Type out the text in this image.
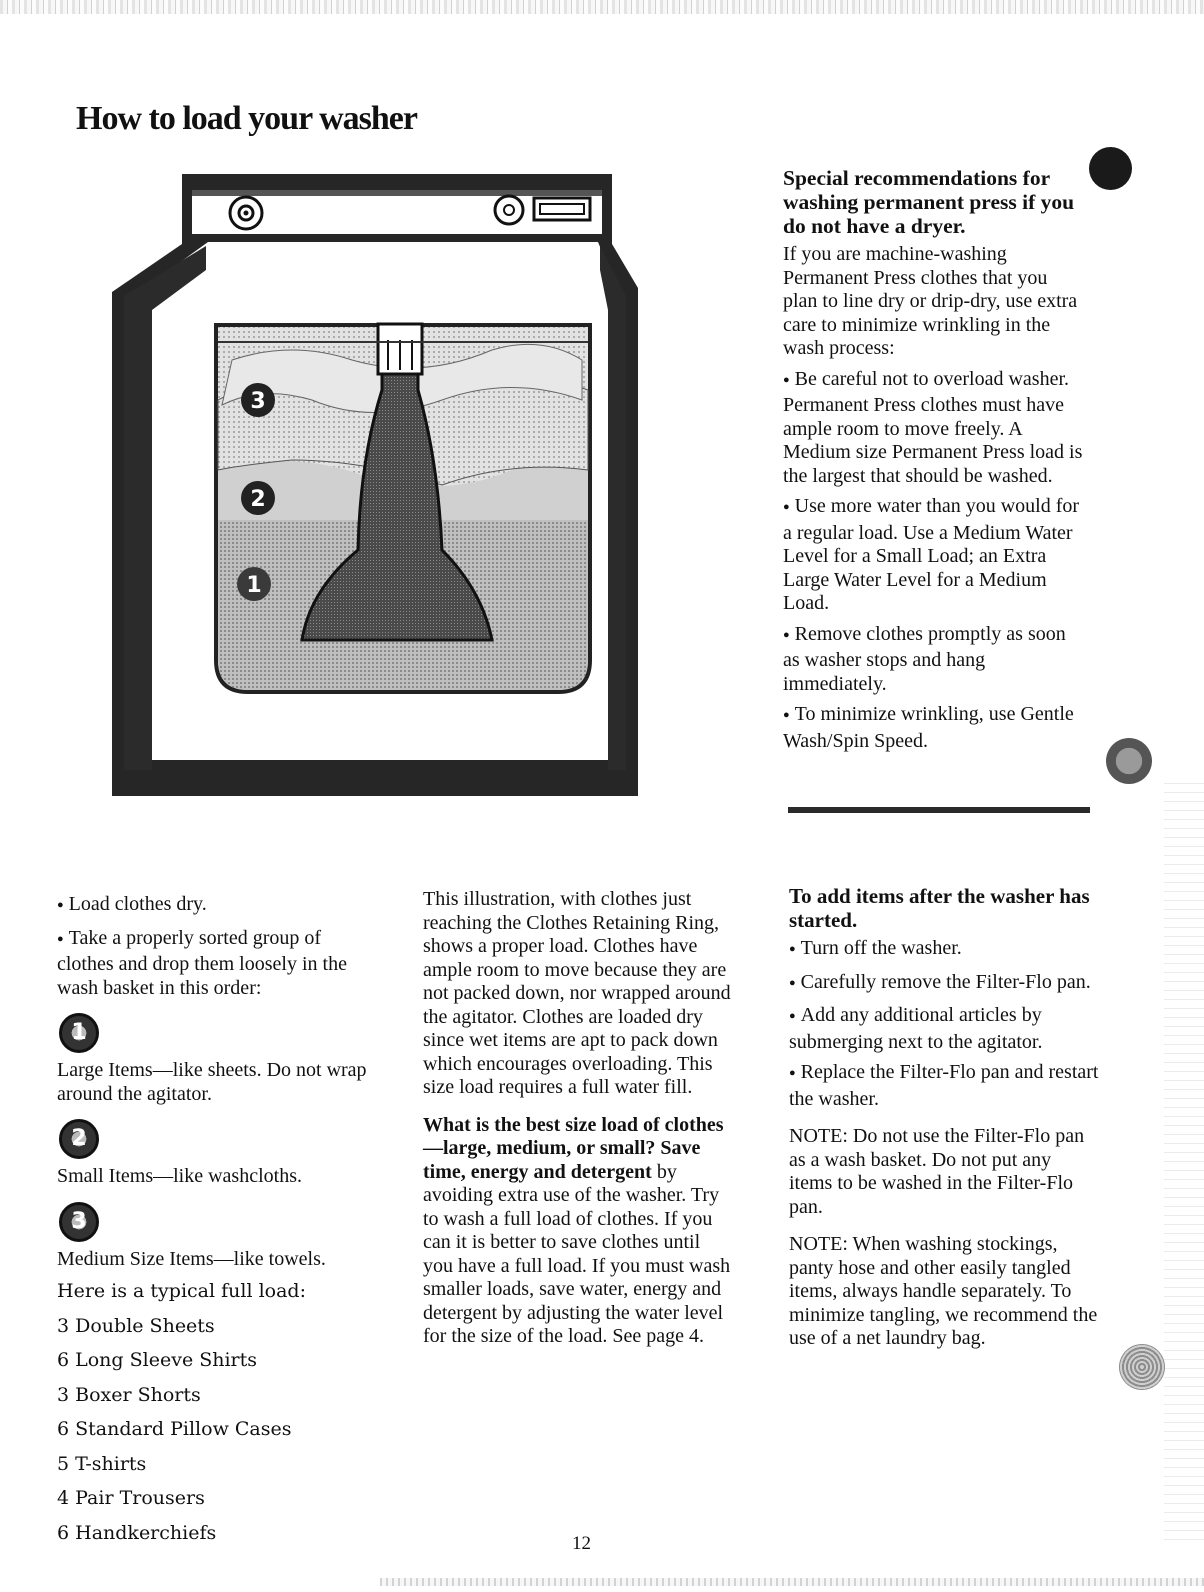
How to load your washer
3
2
1
Special recommendations for washing permanent press if you do not have a dryer.

If you are machine-washing Permanent Press clothes that you plan to line dry or drip-dry, use extra care to minimize wrinkling in the wash process:

● Be careful not to overload washer. Permanent Press clothes must have ample room to move freely. A Medium size Permanent Press load is the largest that should be washed.

● Use more water than you would for a regular load. Use a Medium Water Level for a Small Load; an Extra Large Water Level for a Medium Load.

● Remove clothes promptly as soon as washer stops and hang immediately.

● To minimize wrinkling, use Gentle Wash/Spin Speed.

● Load clothes dry.

● Take a properly sorted group of clothes and drop them loosely in the wash basket in this order:

1

Large Items—like sheets. Do not wrap around the agitator.

2

Small Items—like washcloths.

3

Medium Size Items—like towels.

Here is a typical full load:

3 Double Sheets

6 Long Sleeve Shirts

3 Boxer Shorts

6 Standard Pillow Cases

5 T-shirts

4 Pair Trousers

6 Handkerchiefs

This illustration, with clothes just reaching the Clothes Retaining Ring, shows a proper load. Clothes have ample room to move because they are not packed down, nor wrapped around the agitator. Clothes are loaded dry since wet items are apt to pack down which encourages overloading. This size load requires a full water fill.

What is the best size load of clothes—large, medium, or small? Save time, energy and detergent by avoiding extra use of the washer. Try to wash a full load of clothes. If you can it is better to save clothes until you have a full load. If you must wash smaller loads, save water, energy and detergent by adjusting the water level for the size of the load. See page 4.

To add items after the washer has started.

● Turn off the washer.

● Carefully remove the Filter-Flo pan.

● Add any additional articles by submerging next to the agitator.

● Replace the Filter-Flo pan and restart the washer.

NOTE: Do not use the Filter-Flo pan as a wash basket. Do not put any items to be washed in the Filter-Flo pan.

NOTE: When washing stockings, panty hose and other easily tangled items, always handle separately. To minimize tangling, we recommend the use of a net laundry bag.

12
